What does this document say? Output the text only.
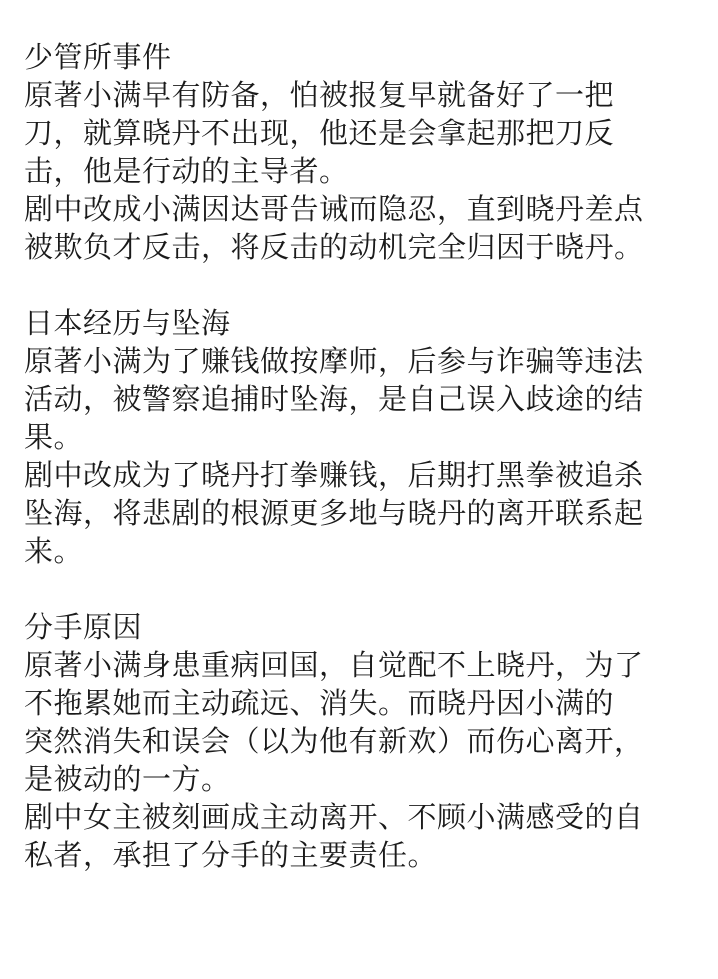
少管所事件
原著小满早有防备，怕被报复早就备好了一把
刀，就算晓丹不出现，他还是会拿起那把刀反
击，他是行动的主导者。
剧中改成小满因达哥告诫而隐忍，直到晓丹差点
被欺负才反击，将反击的动机完全归因于晓丹。
日本经历与坠海
原著小满为了赚钱做按摩师，后参与诈骗等违法
活动，被警察追捕时坠海，是自己误入歧途的结
果。
剧中改成为了晓丹打拳赚钱，后期打黑拳被追杀
坠海，将悲剧的根源更多地与晓丹的离开联系起
来。
分手原因
原著小满身患重病回国，自觉配不上晓丹，为了
不拖累她而主动疏远、消失。而晓丹因小满的
突然消失和误会（以为他有新欢）而伤心离开，
是被动的一方。
剧中女主被刻画成主动离开、不顾小满感受的自
私者，承担了分手的主要责任。
